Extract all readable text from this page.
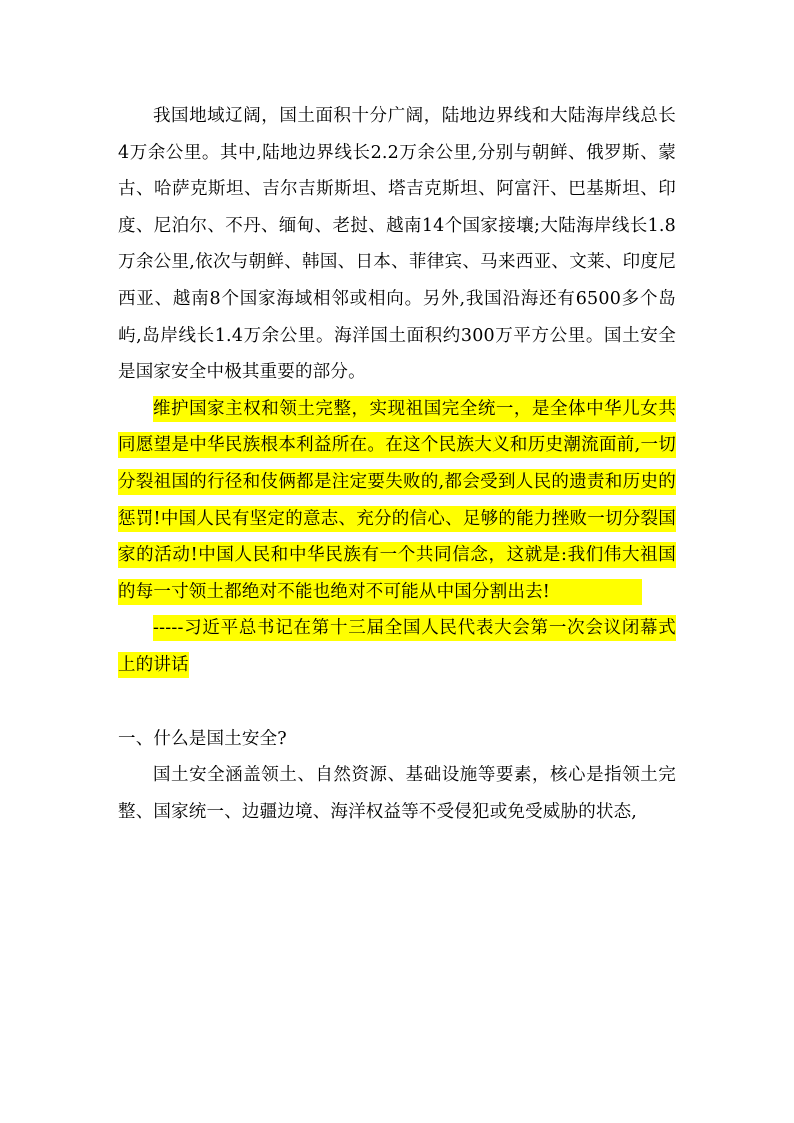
我国地域辽阔，国土面积十分广阔，陆地边界线和大陆海岸线总长4万余公里。其中,陆地边界线长2.2万余公里,分别与朝鲜、俄罗斯、蒙古、哈萨克斯坦、吉尔吉斯斯坦、塔吉克斯坦、阿富汗、巴基斯坦、印度、尼泊尔、不丹、缅甸、老挝、越南14个国家接壤;大陆海岸线长1.8万余公里,依次与朝鲜、韩国、日本、菲律宾、马来西亚、文莱、印度尼西亚、越南8个国家海域相邻或相向。另外,我国沿海还有6500多个岛屿,岛岸线长1.4万余公里。海洋国土面积约300万平方公里。国土安全是国家安全中极其重要的部分。

维护国家主权和领土完整，实现祖国完全统一，是全体中华儿女共同愿望是中华民族根本利益所在。在这个民族大义和历史潮流面前,一切分裂祖国的行径和伎俩都是注定要失败的,都会受到人民的遗责和历史的惩罚!中国人民有坚定的意志、充分的信心、足够的能力挫败一切分裂国家的活动!中国人民和中华民族有一个共同信念，这就是:我们伟大祖国的每一寸领土都绝对不能也绝对不可能从中国分割出去!

-----习近平总书记在第十三届全国人民代表大会第一次会议闭幕式上的讲话

一、什么是国土安全?

国土安全涵盖领土、自然资源、基础设施等要素，核心是指领土完整、国家统一、边疆边境、海洋权益等不受侵犯或免受威胁的状态,
